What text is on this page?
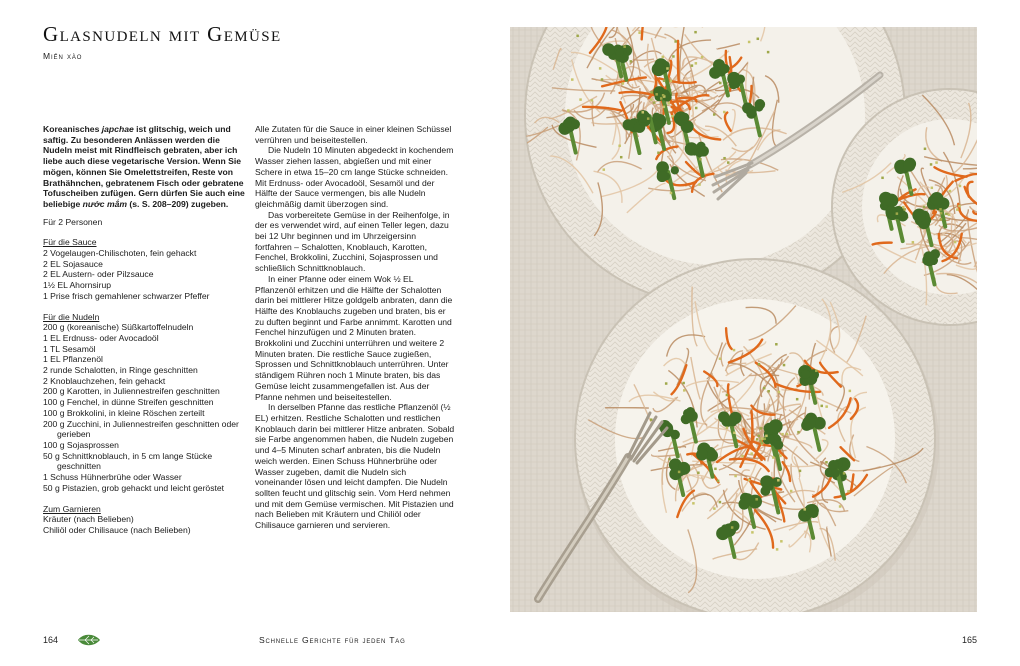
Glasnudeln mit Gemüse

Miến xào

Koreanisches japchae ist glitschig, weich und saftig. Zu besonderen Anlässen werden die Nudeln meist mit Rindfleisch gebraten, aber ich liebe auch diese vegetarische Version. Wenn Sie mögen, können Sie Omelettstreifen, Reste von Brathähnchen, gebratenem Fisch oder gebratene Tofuscheiben zufügen. Gern dürfen Sie auch eine beliebige nước mắm (s. S. 208–209) zugeben.

Für 2 Personen

Für die Sauce

2 Vogelaugen-Chilischoten, fein gehackt
2 EL Sojasauce
2 EL Austern- oder Pilzsauce
1½ EL Ahornsirup
1 Prise frisch gemahlener schwarzer Pfeffer

Für die Nudeln

200 g (koreanische) Süßkartoffelnudeln
1 EL Erdnuss- oder Avocadoöl
1 TL Sesamöl
1 EL Pflanzenöl
2 runde Schalotten, in Ringe geschnitten
2 Knoblauchzehen, fein gehackt
200 g Karotten, in Juliennestreifen geschnitten
100 g Fenchel, in dünne Streifen geschnitten
100 g Brokkolini, in kleine Röschen zerteilt
200 g Zucchini, in Juliennestreifen geschnitten oder gerieben
100 g Sojasprossen
50 g Schnittknoblauch, in 5 cm lange Stücke geschnitten
1 Schuss Hühnerbrühe oder Wasser
50 g Pistazien, grob gehackt und leicht geröstet

Zum Garnieren

Kräuter (nach Belieben)
Chiliöl oder Chilisauce (nach Belieben)

Alle Zutaten für die Sauce in einer kleinen Schüssel verrühren und beiseitestellen.

Die Nudeln 10 Minuten abgedeckt in kochendem Wasser ziehen lassen, abgießen und mit einer Schere in etwa 15–20 cm lange Stücke schneiden. Mit Erdnuss- oder Avocadoöl, Sesamöl und der Hälfte der Sauce vermengen, bis alle Nudeln gleichmäßig damit überzogen sind.

Das vorbereitete Gemüse in der Reihenfolge, in der es verwendet wird, auf einen Teller legen, dazu bei 12 Uhr beginnen und im Uhrzeigersinn fortfahren – Schalotten, Knoblauch, Karotten, Fenchel, Brokkolini, Zucchini, Sojasprossen und schließlich Schnittknoblauch.

In einer Pfanne oder einem Wok ½ EL Pflanzenöl erhitzen und die Hälfte der Schalotten darin bei mittlerer Hitze goldgelb anbraten, dann die Hälfte des Knoblauchs zugeben und braten, bis er zu duften beginnt und Farbe annimmt. Karotten und Fenchel hinzufügen und 2 Minuten braten. Brokkolini und Zucchini unterrühren und weitere 2 Minuten braten. Die restliche Sauce zugießen, Sprossen und Schnittknoblauch unterrühren. Unter ständigem Rühren noch 1 Minute braten, bis das Gemüse leicht zusammengefallen ist. Aus der Pfanne nehmen und beiseitestellen.

In derselben Pfanne das restliche Pflanzenöl (½ EL) erhitzen. Restliche Schalotten und restlichen Knoblauch darin bei mittlerer Hitze anbraten. Sobald sie Farbe angenommen haben, die Nudeln zugeben und 4–5 Minuten scharf anbraten, bis die Nudeln weich werden. Einen Schuss Hühnerbrühe oder Wasser zugeben, damit die Nudeln sich voneinander lösen und leicht dampfen. Die Nudeln sollten feucht und glitschig sein. Vom Herd nehmen und mit dem Gemüse vermischen. Mit Pistazien und nach Belieben mit Kräutern und Chiliöl oder Chilisauce garnieren und servieren.

164	Schnelle Gerichte für jeden Tag	165
